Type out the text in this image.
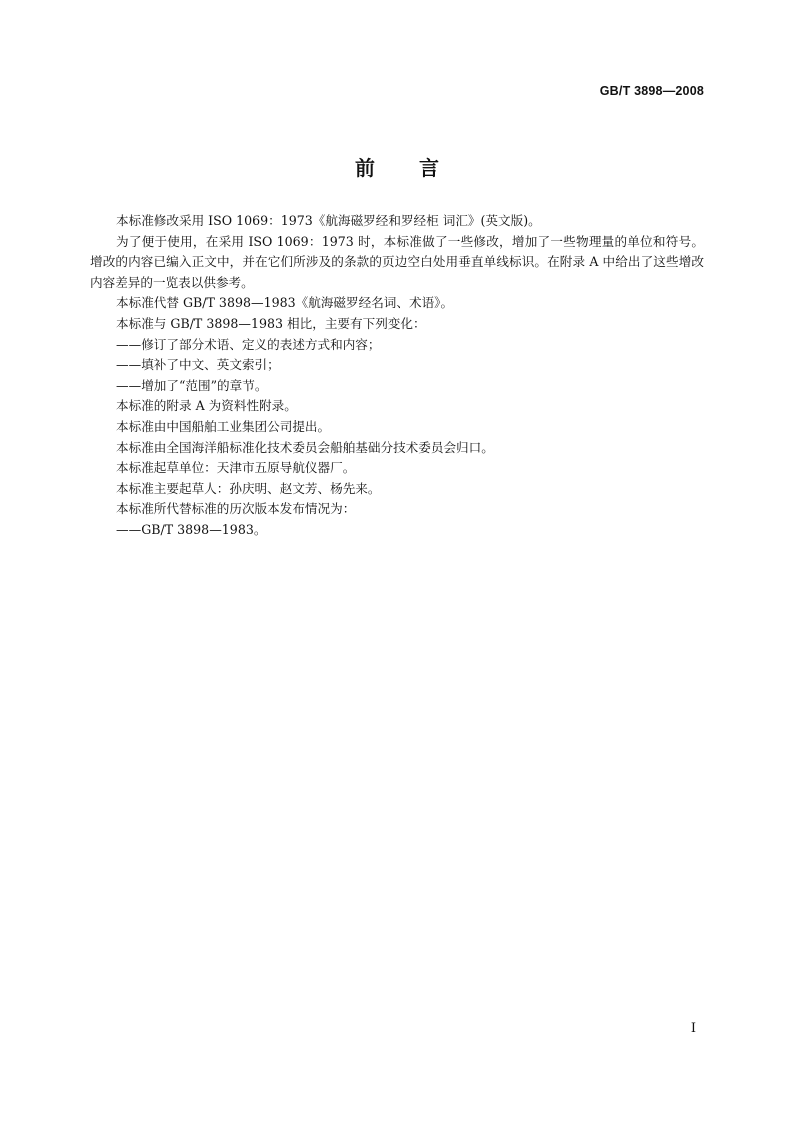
GB/T 3898—2008
前 言

本标准修改采用 ISO 1069：1973《航海磁罗经和罗经柜 词汇》(英文版)。

为了便于使用，在采用 ISO 1069：1973 时，本标准做了一些修改，增加了一些物理量的单位和符号。增改的内容已编入正文中，并在它们所涉及的条款的页边空白处用垂直单线标识。在附录 A 中给出了这些增改内容差异的一览表以供参考。

本标准代替 GB/T 3898—1983《航海磁罗经名词、术语》。

本标准与 GB/T 3898—1983 相比，主要有下列变化：

——修订了部分术语、定义的表述方式和内容；

——填补了中文、英文索引；

——增加了“范围”的章节。

本标准的附录 A 为资料性附录。

本标准由中国船舶工业集团公司提出。

本标准由全国海洋船标准化技术委员会船舶基础分技术委员会归口。

本标准起草单位：天津市五原导航仪器厂。

本标准主要起草人：孙庆明、赵文芳、杨先来。

本标准所代替标准的历次版本发布情况为：

——GB/T 3898—1983。

I
